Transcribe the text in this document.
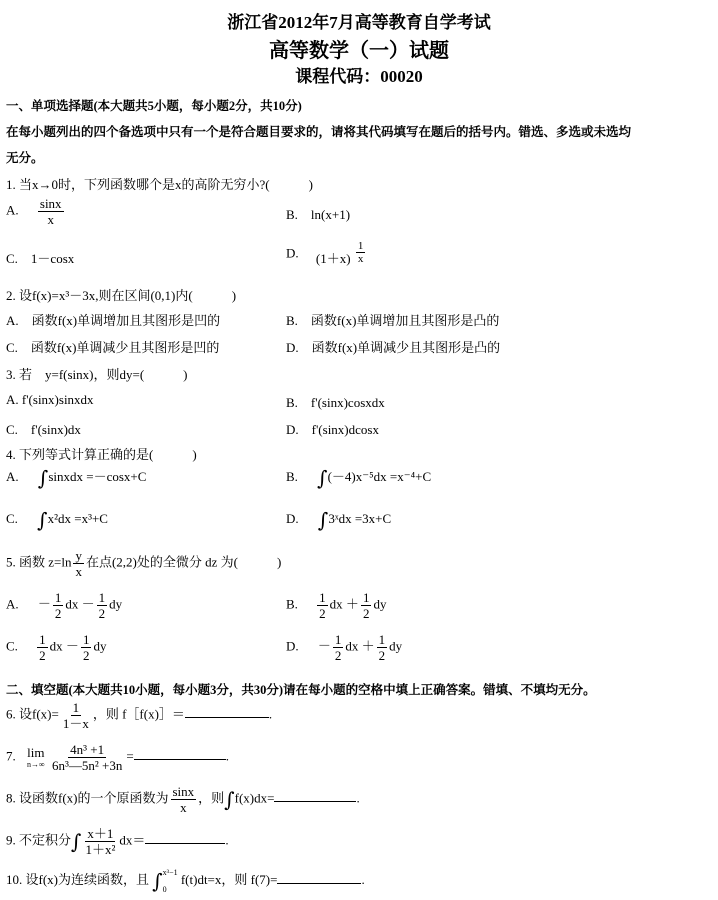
浙江省2012年7月高等教育自学考试
高等数学（一）试题
课程代码：00020
一、单项选择题(本大题共5小题，每小题2分，共10分)
在每小题列出的四个备选项中只有一个是符合题目要求的，请将其代码填写在题后的括号内。错选、多选或未选均
无分。
1. 当x→0时，下列函数哪个是x的高阶无穷小?(　　　)
A. $\frac{\sin x}{x}$	B.　ln(x+1)
C.　1－cosx	D. $(1+x) \frac{1}{x}$
2. 设f(x)=x³－3x,则在区间(0,1)内(　　　)
A.　函数f(x)单调增加且其图形是凹的	B.　函数f(x)单调增加且其图形是凸的
C.　函数f(x)单调减少且其图形是凹的	D.　函数f(x)单调减少且其图形是凸的
3. 若　y=f(sinx)，则dy=(　　　)
A. f'(sinx)sinxdx	B.　f'(sinx)cosxdx
C.　f'(sinx)dx	D.　f'(sinx)dcosx
4. 下列等式计算正确的是(　　　)
A. ∫sinxdx =－cosx+C	B. ∫(－4)x⁻⁵dx =x⁻⁴+C
C. ∫x²dx =x³+C	D. ∫3ˣdx =3x+C
5. 函数 $z=\ln \frac{y}{x}$ 在点(2,2)处的全微分 dz 为(　　　)
A. － $\frac{1}{2}$ dx － $\frac{1}{2}$ dy	B. $\frac{1}{2}$ dx ＋ $\frac{1}{2}$ dy
C. $\frac{1}{2}$ dx － $\frac{1}{2}$ dy	D. － $\frac{1}{2}$ dx ＋ $\frac{1}{2}$ dy
二、填空题(本大题共10小题，每小题3分，共30分)请在每小题的空格中填上正确答案。错填、不填均无分。
6. 设$f(x)= \frac{1}{1-x}$ ，则 f［f(x)］＝	.
7. lim
n→∞
$\frac{\text{4n³ +1}}{\text{6n³—5n² +3n}}$ =	.
8. 设函数f(x)的一个原函数为 $\frac{\sin x}{x}$ ，则∫f(x)dx=	.
9. 不定积分∫ $\frac{x+1}{\text{1＋x²}} dx=$	.
10. 设f(x)为连续函数，且 ∫ x³−1
0
f(t)dt=x，则 f(7)=	.
